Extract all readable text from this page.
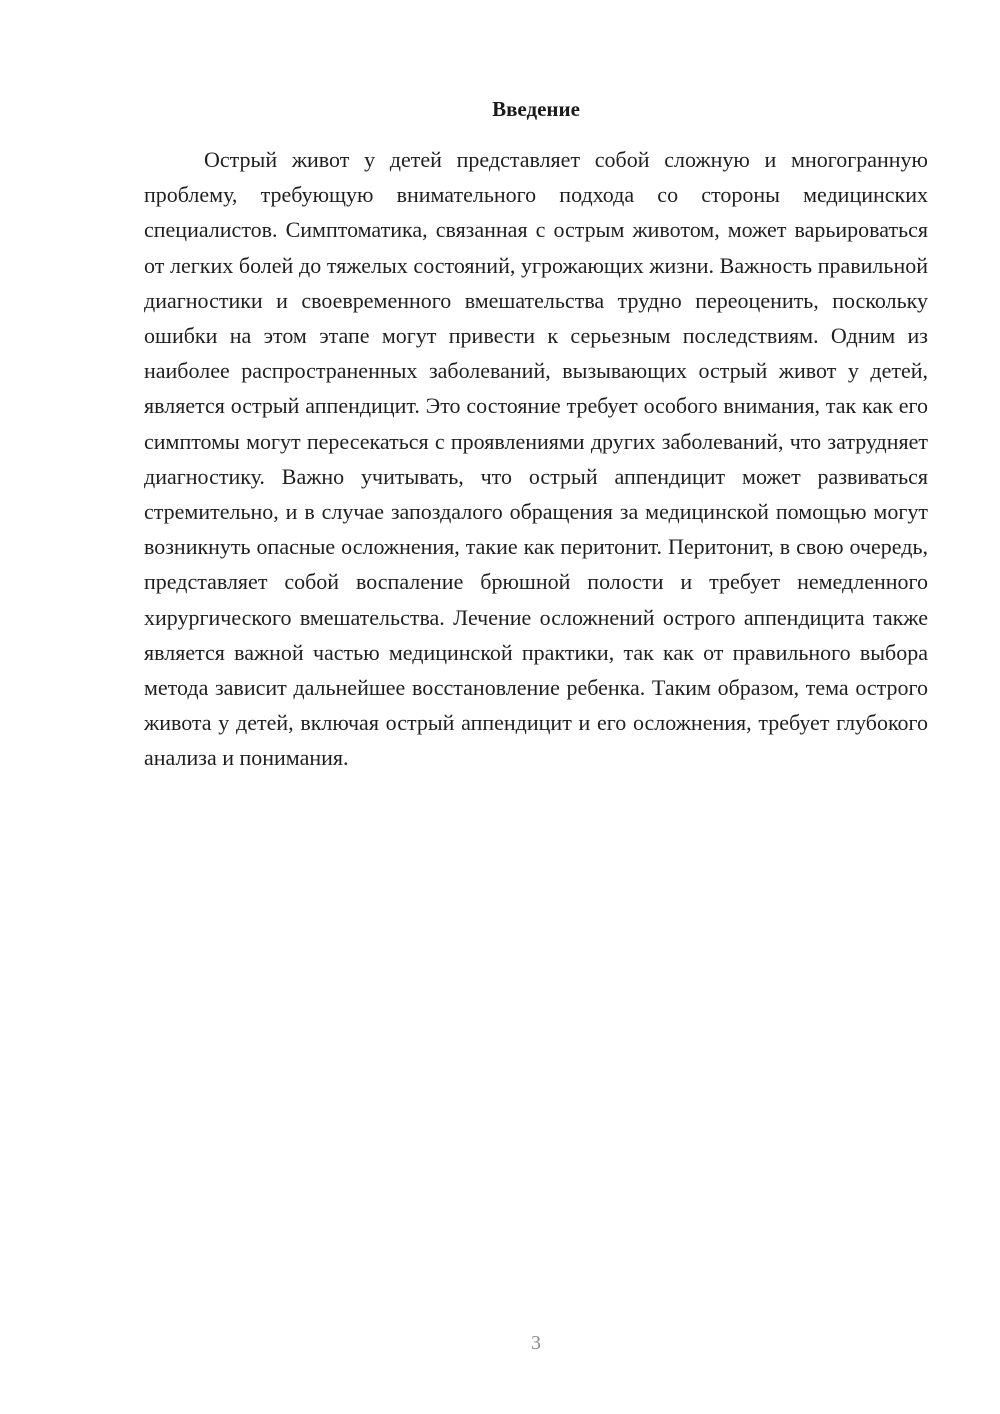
Введение

Острый живот у детей представляет собой сложную и многогранную проблему, требующую внимательного подхода со стороны медицинских специалистов. Симптоматика, связанная с острым животом, может варьироваться от легких болей до тяжелых состояний, угрожающих жизни. Важность правильной диагностики и своевременного вмешательства трудно переоценить, поскольку ошибки на этом этапе могут привести к серьезным последствиям. Одним из наиболее распространенных заболеваний, вызывающих острый живот у детей, является острый аппендицит. Это состояние требует особого внимания, так как его симптомы могут пересекаться с проявлениями других заболеваний, что затрудняет диагностику. Важно учитывать, что острый аппендицит может развиваться стремительно, и в случае запоздалого обращения за медицинской помощью могут возникнуть опасные осложнения, такие как перитонит. Перитонит, в свою очередь, представляет собой воспаление брюшной полости и требует немедленного хирургического вмешательства. Лечение осложнений острого аппендицита также является важной частью медицинской практики, так как от правильного выбора метода зависит дальнейшее восстановление ребенка. Таким образом, тема острого живота у детей, включая острый аппендицит и его осложнения, требует глубокого анализа и понимания.

3
